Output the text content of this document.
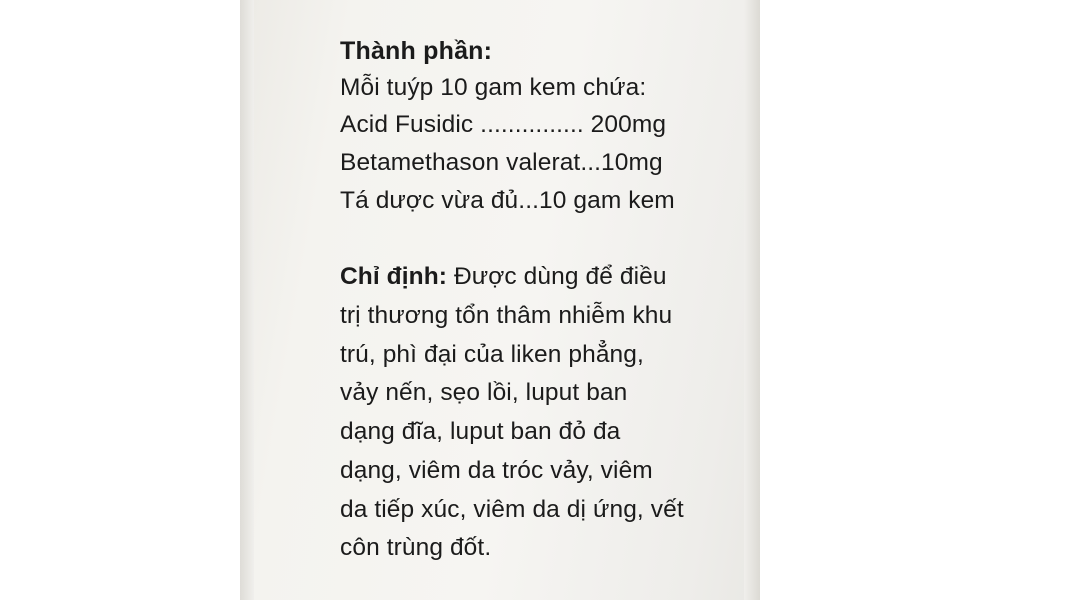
Thành phần:
Mỗi tuýp 10 gam kem chứa:
Acid Fusidic ............... 200mg
Betamethason valerat...10mg
Tá dược vừa đủ...10 gam kem
Chỉ định: Được dùng để điều
trị thương tổn thâm nhiễm khu
trú, phì đại của liken phẳng,
vảy nến, sẹo lồi, luput ban
dạng đĩa, luput ban đỏ đa
dạng, viêm da tróc vảy, viêm
da tiếp xúc, viêm da dị ứng, vết
côn trùng đốt.
